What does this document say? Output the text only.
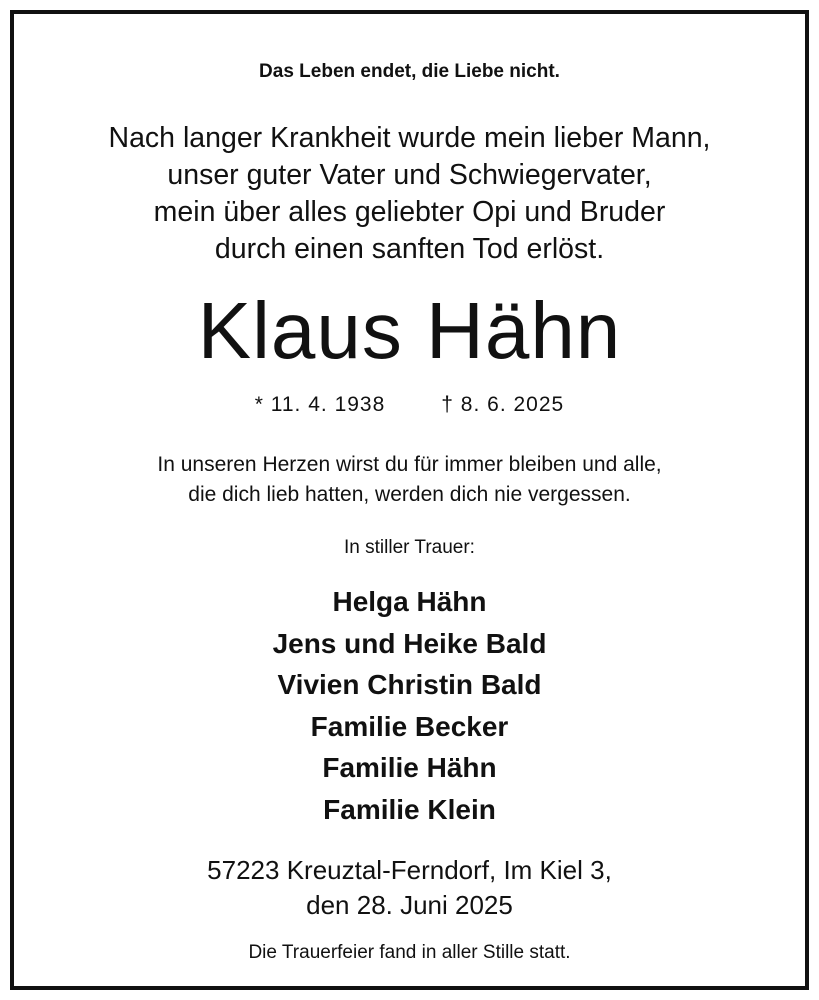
Das Leben endet, die Liebe nicht.
Nach langer Krankheit wurde mein lieber Mann,
unser guter Vater und Schwiegervater,
mein über alles geliebter Opi und Bruder
durch einen sanften Tod erlöst.
Klaus Hähn
* 11. 4. 1938	† 8. 6. 2025
In unseren Herzen wirst du für immer bleiben und alle,
die dich lieb hatten, werden dich nie vergessen.
In stiller Trauer:
Helga Hähn
Jens und Heike Bald
Vivien Christin Bald
Familie Becker
Familie Hähn
Familie Klein
57223 Kreuztal-Ferndorf, Im Kiel 3,
den 28. Juni 2025
Die Trauerfeier fand in aller Stille statt.
